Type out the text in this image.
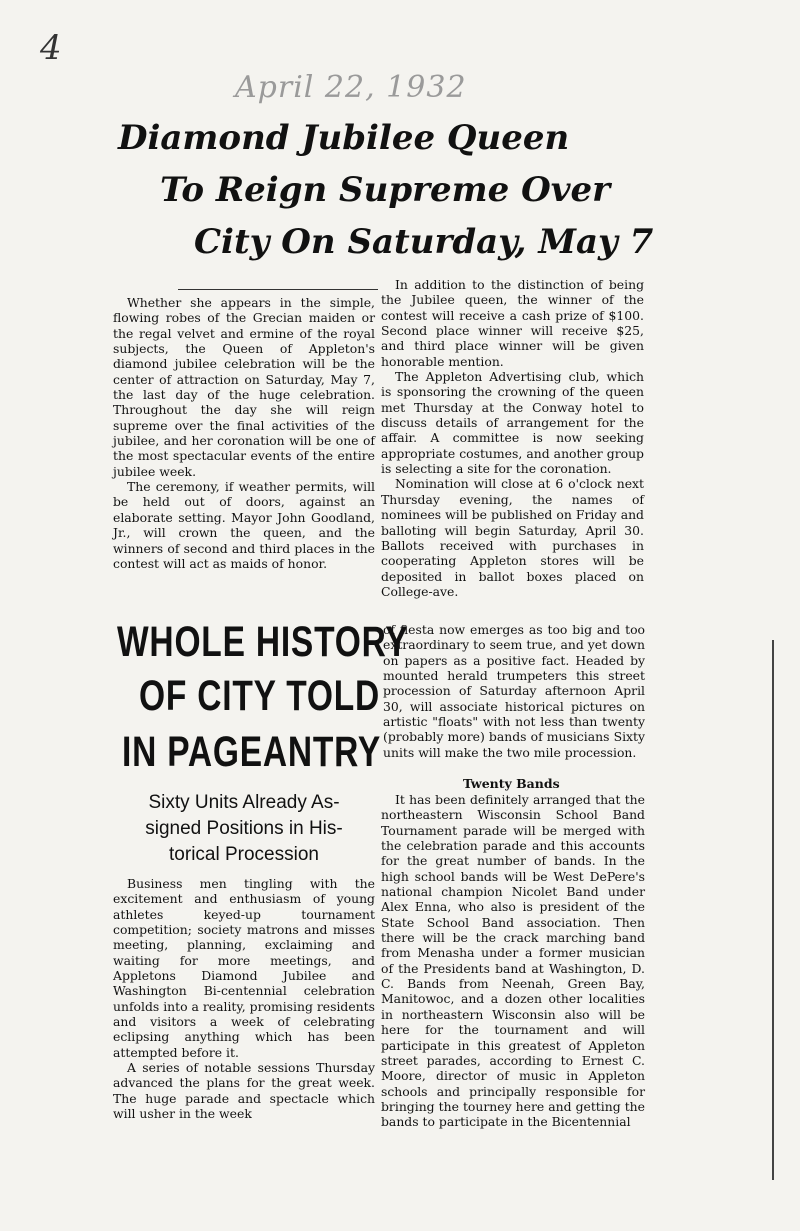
4
April 22, 1932
Diamond Jubilee Queen
To Reign Supreme Over
City On Saturday, May 7

Whether she appears in the simple, flowing robes of the Grecian maiden or the regal velvet and ermine of the royal subjects, the Queen of Appleton's diamond jubilee celebration will be the center of attraction on Saturday, May 7, the last day of the huge celebration. Throughout the day she will reign supreme over the final activities of the jubilee, and her coronation will be one of the most spectacular events of the entire jubilee week.

The ceremony, if weather permits, will be held out of doors, against an elaborate setting. Mayor John Goodland, Jr., will crown the queen, and the winners of second and third places in the contest will act as maids of honor.

In addition to the distinction of being the Jubilee queen, the winner of the contest will receive a cash prize of $100. Second place winner will receive $25, and third place winner will be given honorable mention.

The Appleton Advertising club, which is sponsoring the crowning of the queen met Thursday at the Conway hotel to discuss details of arrangement for the affair. A committee is now seeking appropriate costumes, and another group is selecting a site for the coronation.

Nomination will close at 6 o'clock next Thursday evening, the names of nominees will be published on Friday and balloting will begin Saturday, April 30. Ballots received with purchases in cooperating Appleton stores will be deposited in ballot boxes placed on College-ave.

WHOLE HISTORY
OF CITY TOLD
IN PAGEANTRY
Sixty Units Already As-
signed Positions in His-
torical Procession

Business men tingling with the excitement and enthusiasm of young athletes keyed-up tournament competition; society matrons and misses meeting, planning, exclaiming and waiting for more meetings, and Appletons Diamond Jubilee and Washington Bi-centennial celebration unfolds into a reality, promising residents and visitors a week of celebrating eclipsing anything which has been attempted before it.

A series of notable sessions Thursday advanced the plans for the great week. The huge parade and spectacle which will usher in the week

of fiesta now emerges as too big and too extraordinary to seem true, and yet down on papers as a positive fact. Headed by mounted herald trumpeters this street procession of Saturday afternoon April 30, will associate historical pictures on artistic "floats" with not less than twenty (probably more) bands of musicians Sixty units will make the two mile procession.

Twenty Bands

It has been definitely arranged that the northeastern Wisconsin School Band Tournament parade will be merged with the celebration parade and this accounts for the great number of bands. In the high school bands will be West DePere's national champion Nicolet Band under Alex Enna, who also is president of the State School Band association. Then there will be the crack marching band from Menasha under a former musician of the Presidents band at Washington, D. C. Bands from Neenah, Green Bay, Manitowoc, and a dozen other localities in northeastern Wisconsin also will be here for the tournament and will participate in this greatest of Appleton street parades, according to Ernest C. Moore, director of music in Appleton schools and principally responsible for bringing the tourney here and getting the bands to participate in the Bicentennial
